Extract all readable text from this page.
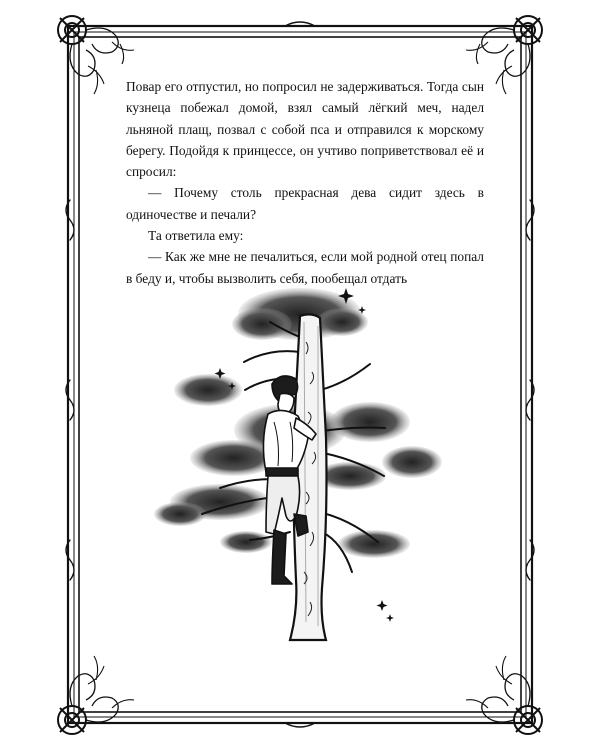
Повар его отпустил, но попросил не задерживаться. Тогда сын кузнеца побежал домой, взял самый лёгкий меч, надел льняной плащ, позвал с собой пса и отправился к морскому берегу. Подойдя к принцессе, он учтиво поприветствовал её и спросил:

— Почему столь прекрасная дева сидит здесь в одиночестве и печали?

Та ответила ему:

— Как же мне не печалиться, если мой родной отец попал в беду и, чтобы вызволить себя, пообещал отдать
